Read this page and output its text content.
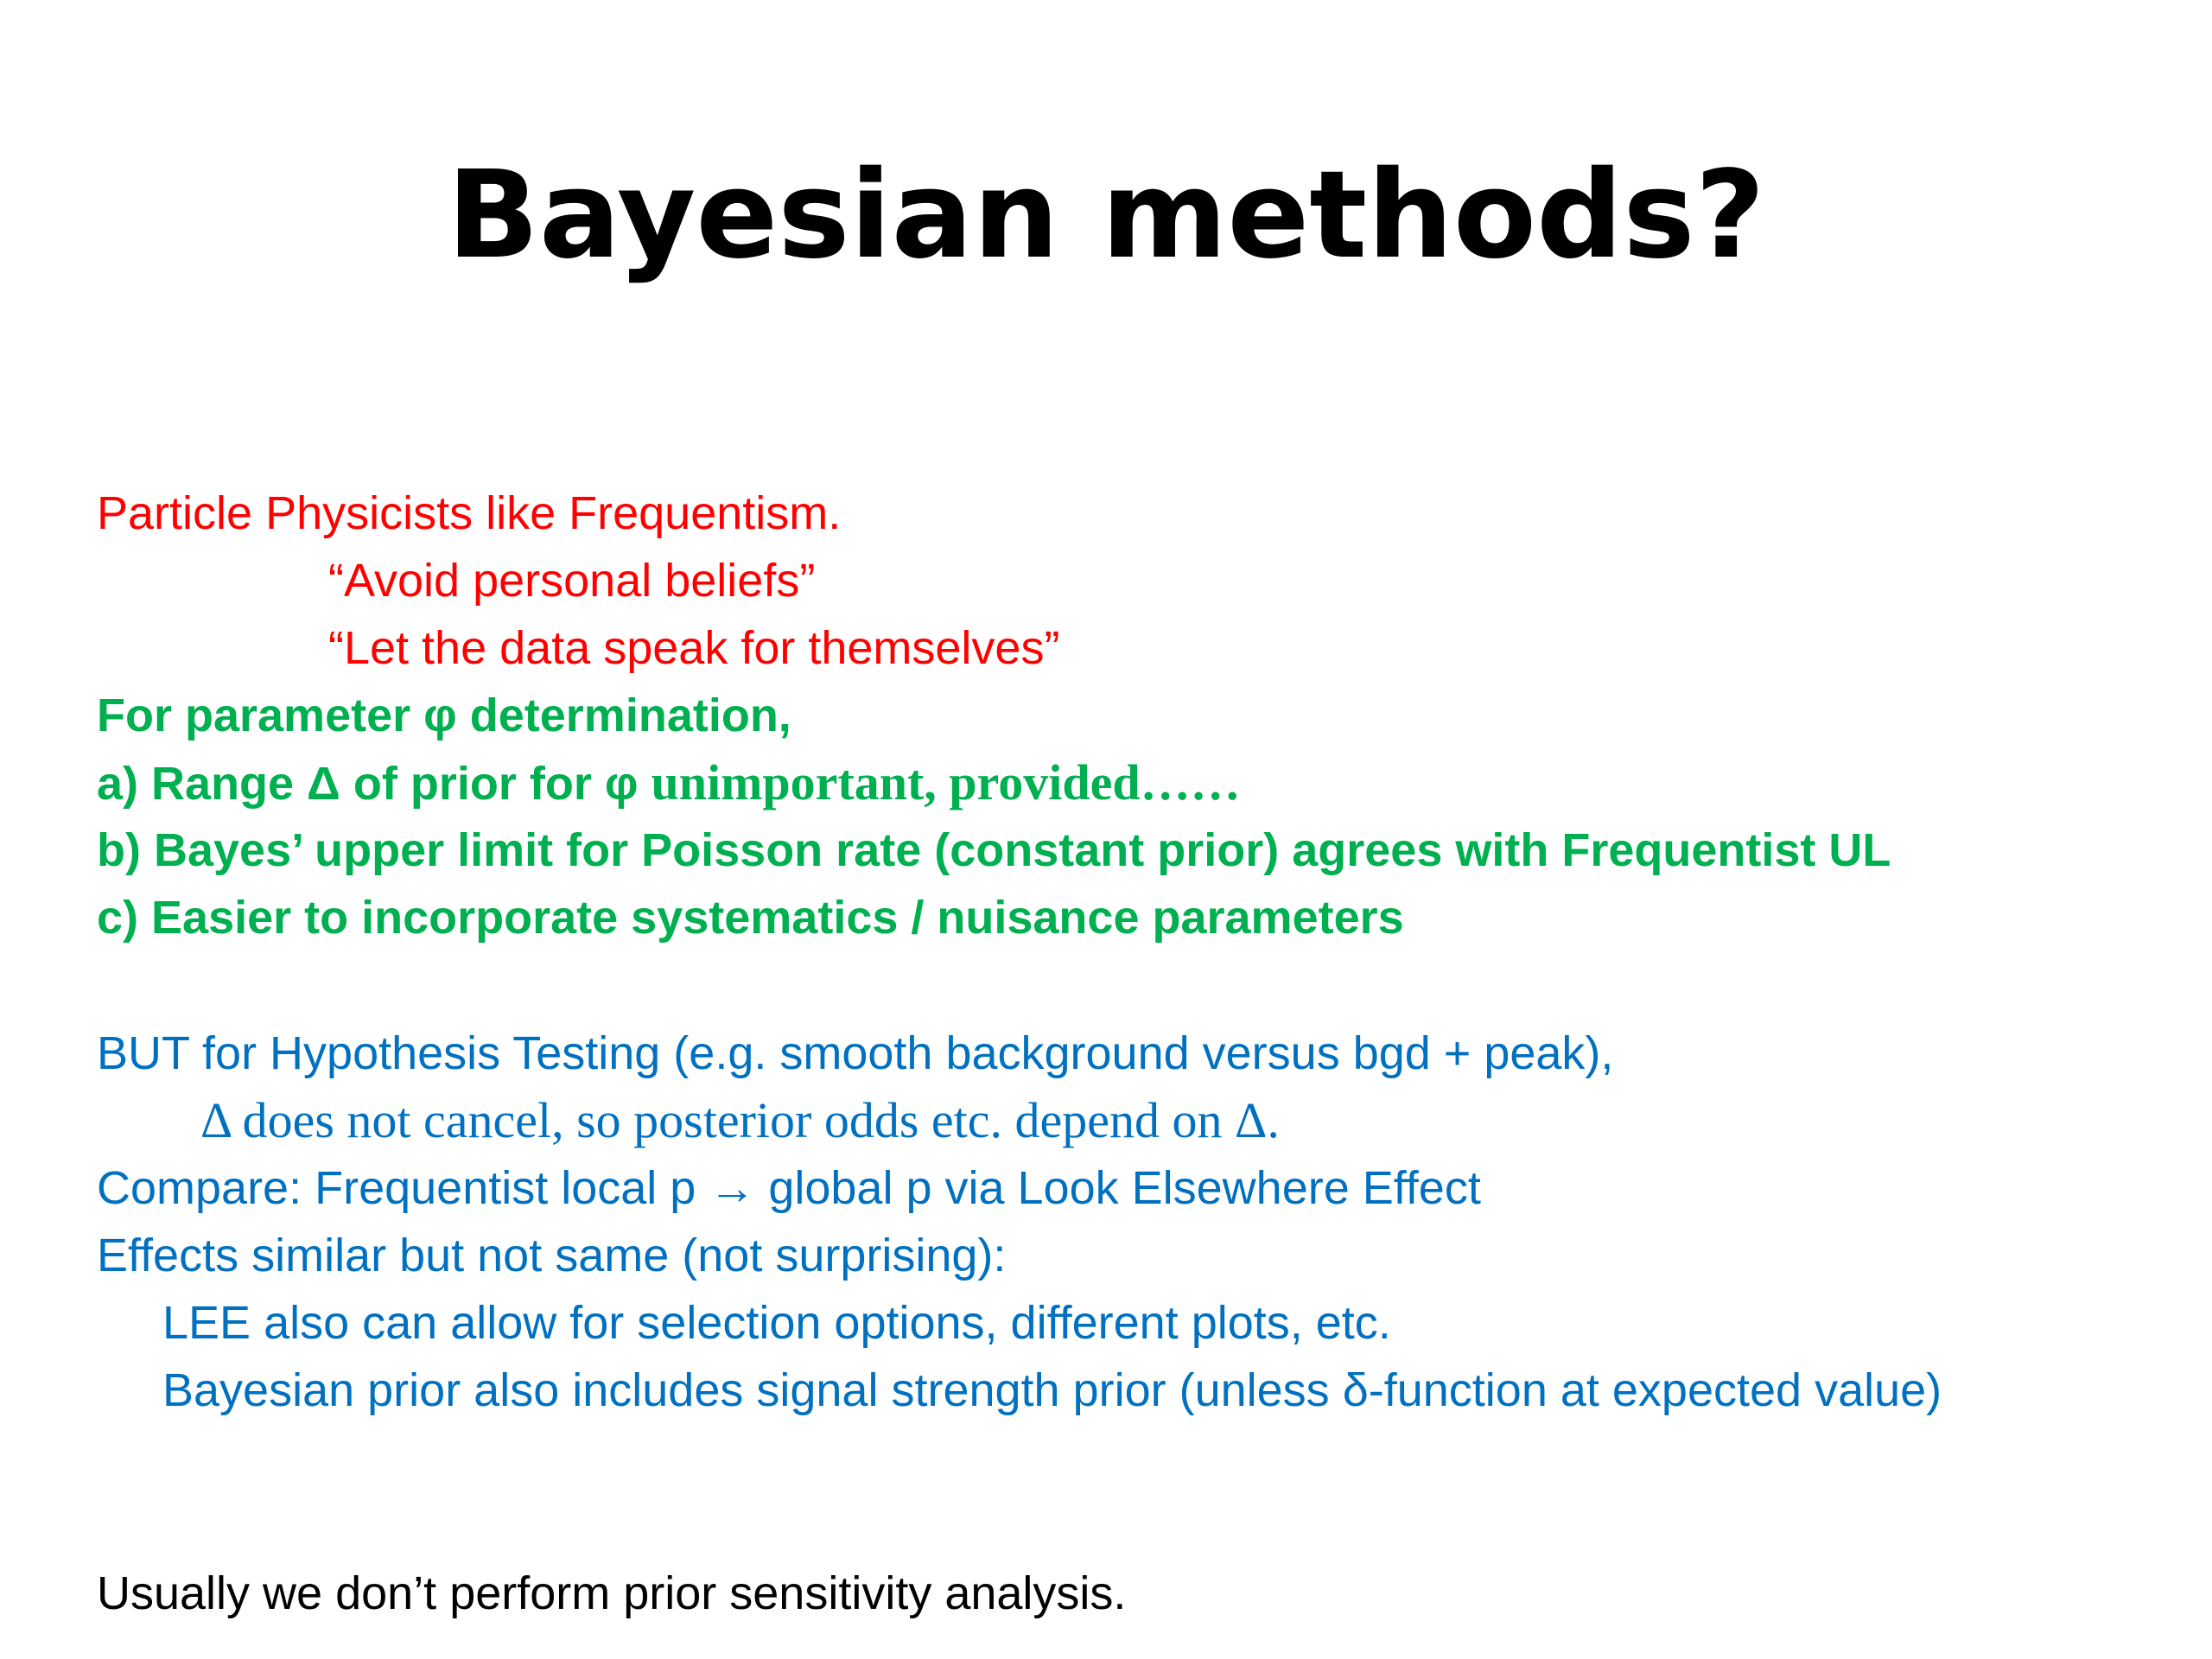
Bayesian methods?
Particle Physicists like Frequentism.
“Avoid personal beliefs”
“Let the data speak for themselves”
For parameter φ determination,
a) Range Δ of prior for φ unimportant, provided……
b) Bayes’ upper limit for Poisson rate (constant prior) agrees with Frequentist UL
c) Easier to incorporate systematics / nuisance parameters
BUT for Hypothesis Testing (e.g. smooth background versus bgd + peak),
Δ does not cancel, so posterior odds etc. depend on Δ.
Compare: Frequentist local p → global p via Look Elsewhere Effect
Effects similar but not same (not surprising):
LEE also can allow for selection options, different plots, etc.
Bayesian prior also includes signal strength prior (unless δ-function at expected value)
Usually we don’t perform prior sensitivity analysis.
